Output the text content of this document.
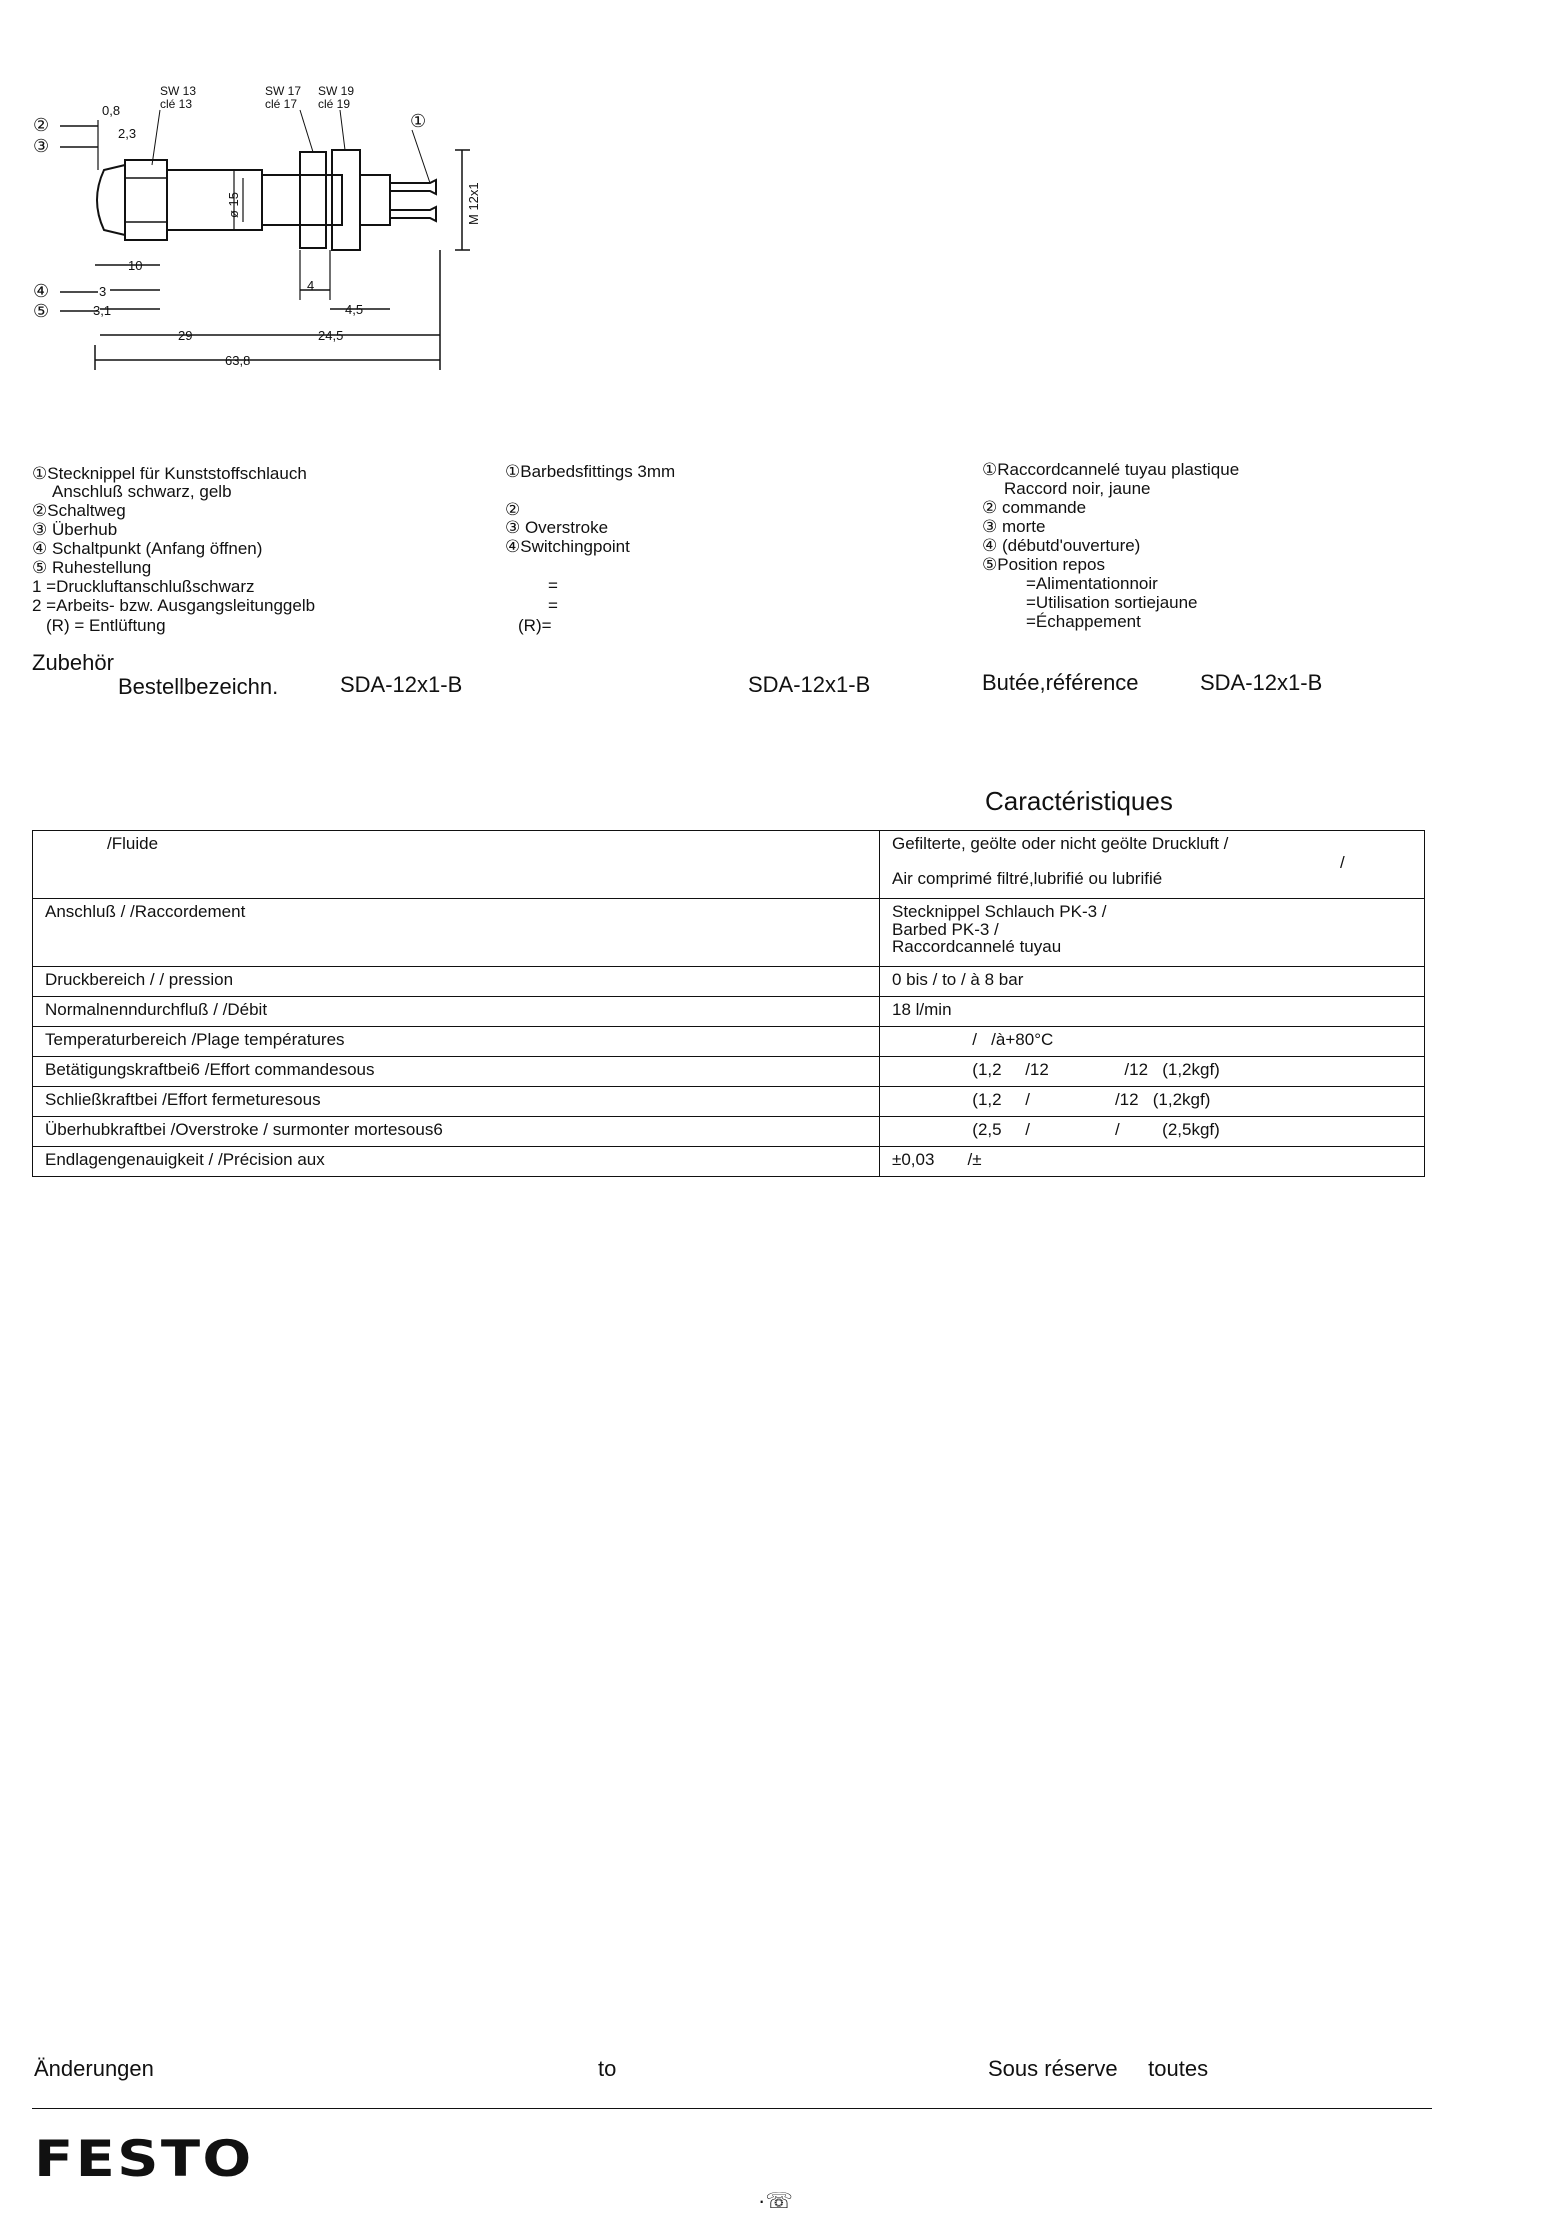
SW 13
clé 13
SW 17
clé 17
SW 19
clé 19
0,8
2,3
ø 15	M 12x1
10
4
3
3,1	4,5
29	24,5
63,8
②
③
④
⑤
①
①Stecknippel für Kunststoffschlauch
Anschluß schwarz, gelb
②Schaltweg
③ Überhub
④ Schaltpunkt (Anfang öffnen)
⑤ Ruhestellung
1 =Druckluftanschlußschwarz
2 =Arbeits- bzw. Ausgangsleitunggelb
(R) = Entlüftung
①Barbedsfittings 3mm
②
③ Overstroke
④Switchingpoint
=
=
(R)=
①Raccordcannelé tuyau plastique
Raccord noir, jaune
② commande
③ morte
④ (débutd'ouverture)
⑤Position repos
=Alimentationnoir
=Utilisation sortiejaune
=Échappement
Zubehör
Bestellbezeichn.	SDA-12x1-B	SDA-12x1-B	Butée,référence	SDA-12x1-B
Caractéristiques
/Fluide	Gefilterte, geölte oder nicht geölte Druckluft /
Air comprimé filtré,lubrifié ou lubrifié
/

Anschluß / /Raccordement	Stecknippel Schlauch PK-3 /
Barbed PK-3 /
Raccordcannelé tuyau

Druckbereich / / pression	0 bis / to / à 8 bar
Normalnenndurchfluß / /Débit	18 l/min
Temperaturbereich /Plage températures	/   /à+80°C
Betätigungskraftbei6 /Effort commandesous	(1,2     /12                /12   (1,2kgf)
Schließkraftbei /Effort fermeturesous	(1,2     /                  /12   (1,2kgf)
Überhubkraftbei /Overstroke / surmonter mortesous6	(2,5     /                  /         (2,5kgf)
Endlagengenauigkeit / /Précision aux	±0,03       /±
Änderungen	to	Sous réserve     toutes
FESTO
·☏
